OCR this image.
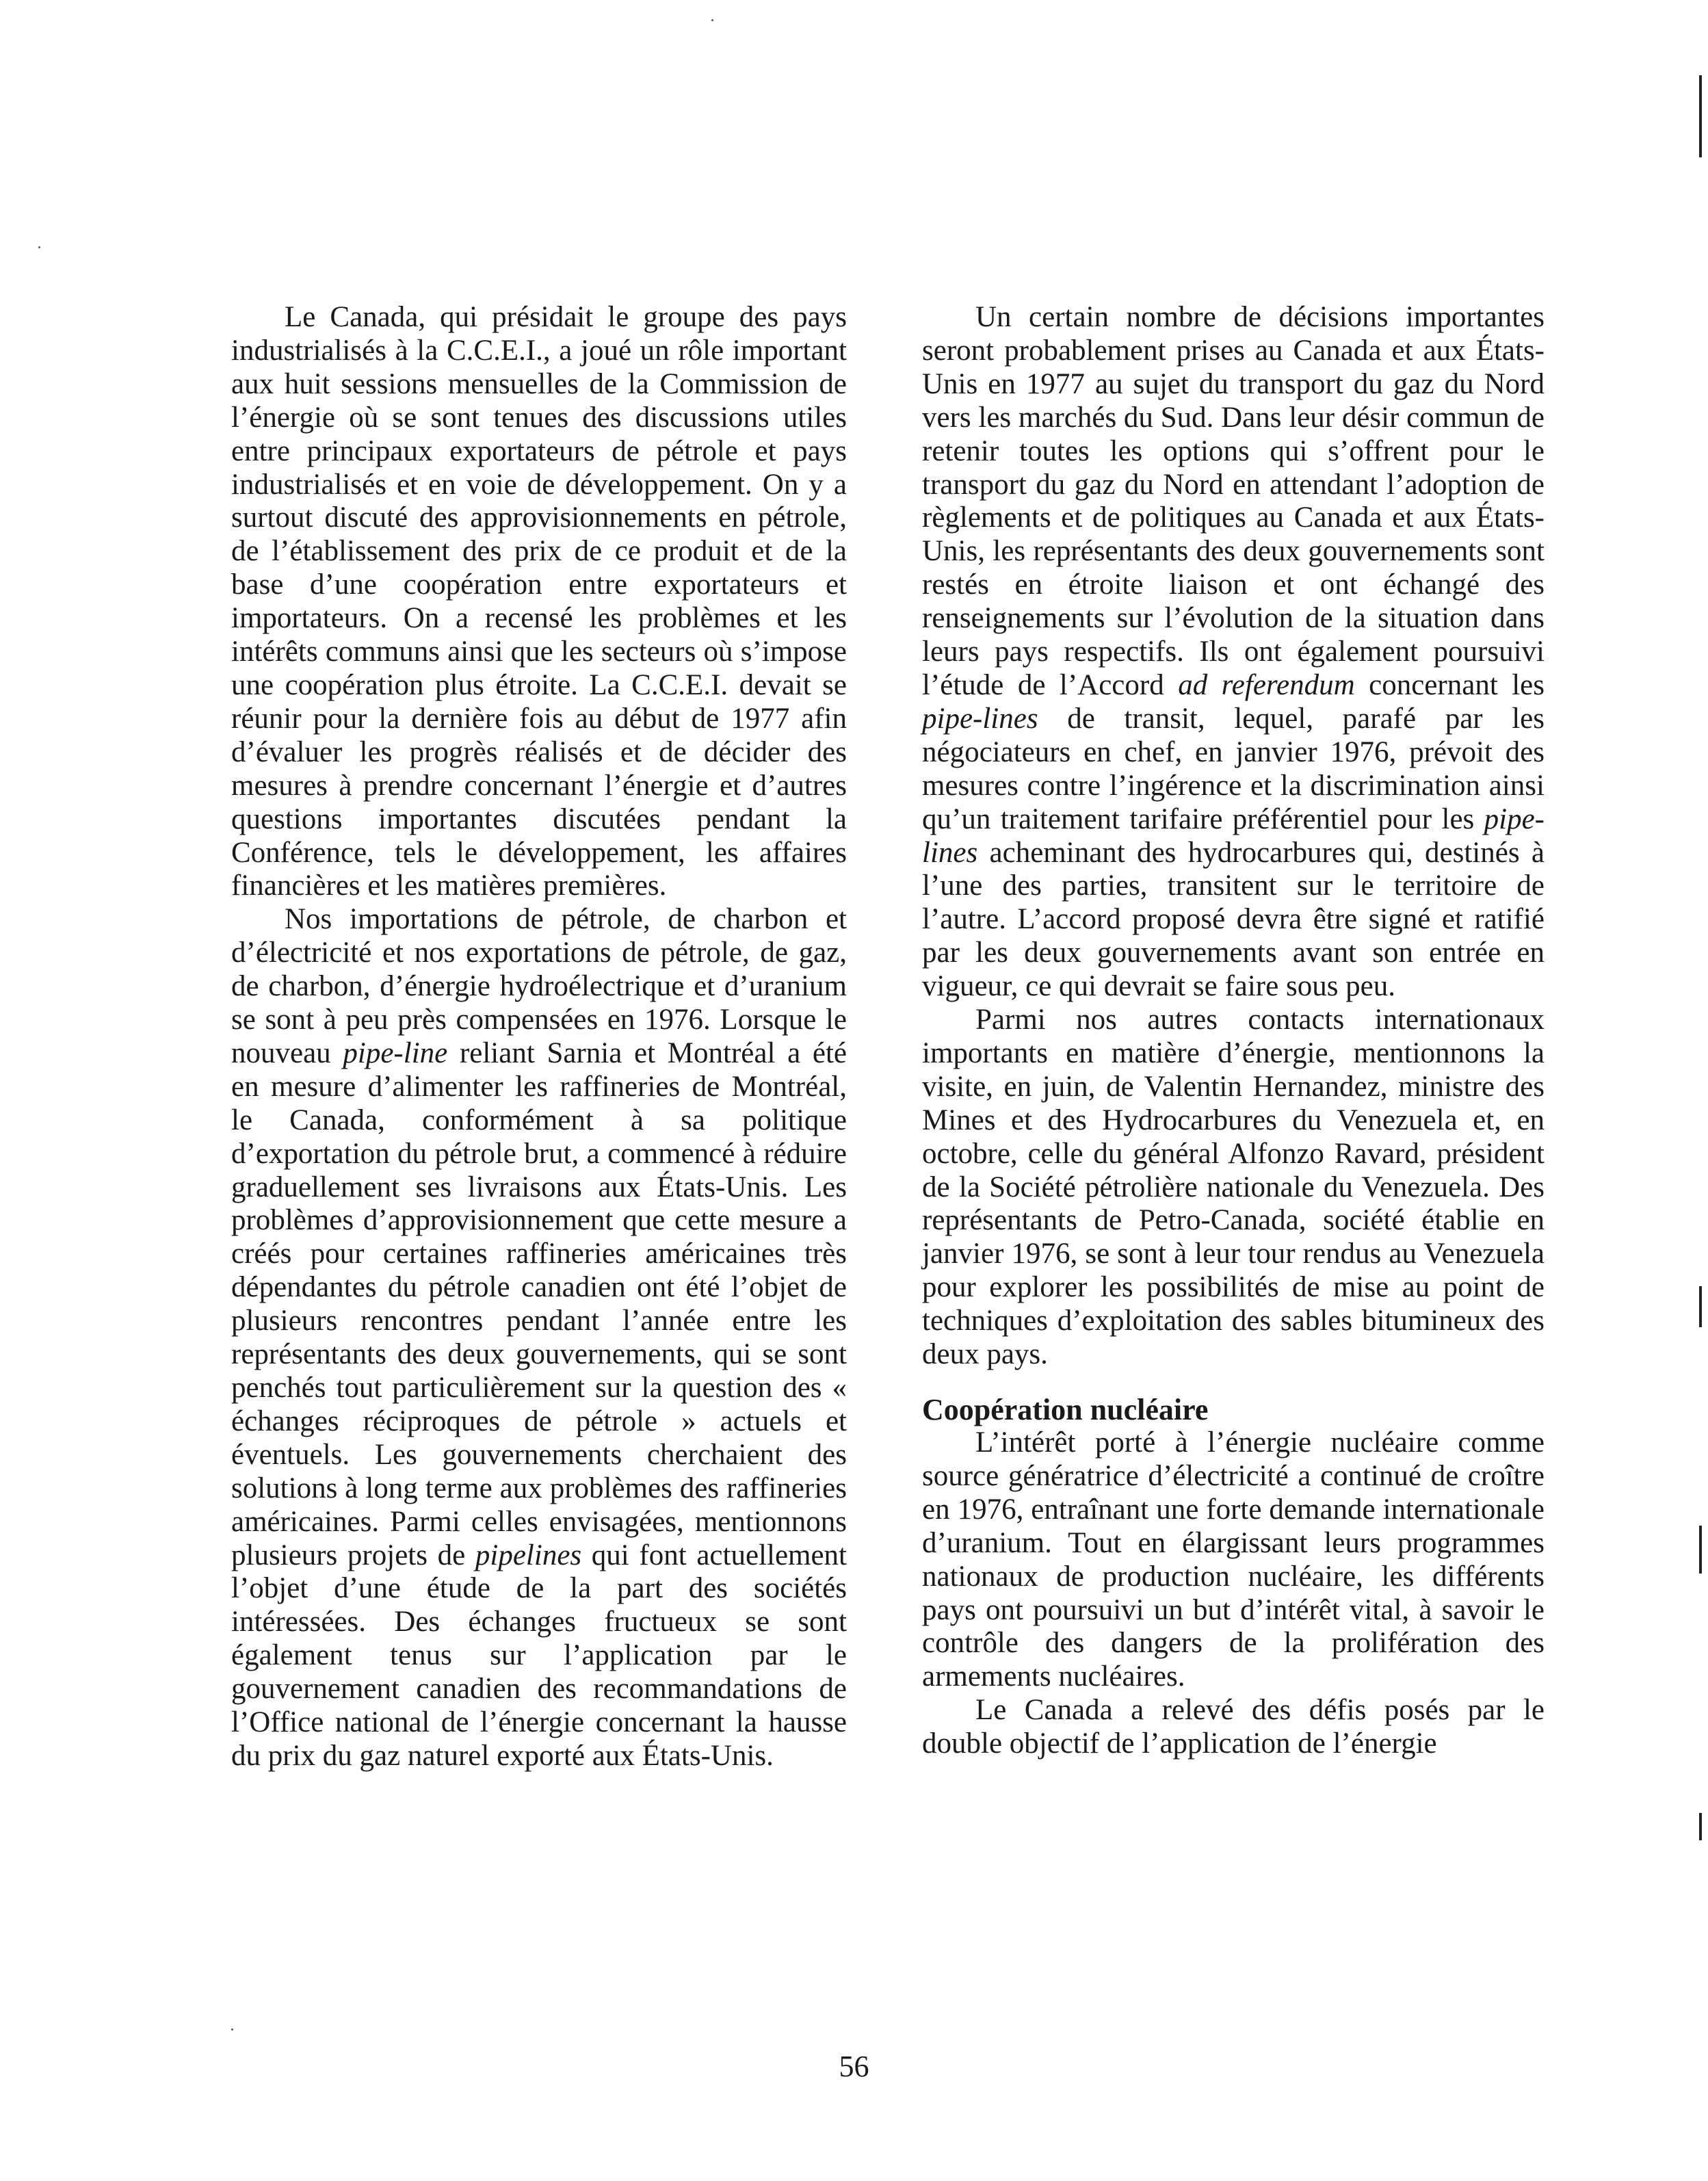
Le Canada, qui présidait le groupe des pays industrialisés à la C.C.E.I., a joué un rôle important aux huit sessions mensuelles de la Commission de l’énergie où se sont tenues des discussions utiles entre principaux exportateurs de pétrole et pays industrialisés et en voie de développement. On y a surtout discuté des approvisionnements en pétrole, de l’établissement des prix de ce produit et de la base d’une coopération entre exportateurs et importateurs. On a recensé les problèmes et les intérêts communs ainsi que les secteurs où s’impose une coopération plus étroite. La C.C.E.I. devait se réunir pour la dernière fois au début de 1977 afin d’évaluer les progrès réalisés et de décider des mesures à prendre concernant l’énergie et d’autres questions importantes discutées pendant la Conférence, tels le développement, les affaires financières et les matières premières.

Nos importations de pétrole, de charbon et d’électricité et nos exportations de pétrole, de gaz, de charbon, d’énergie hydroélectrique et d’uranium se sont à peu près compensées en 1976. Lorsque le nouveau pipe-line reliant Sarnia et Montréal a été en mesure d’alimenter les raffineries de Montréal, le Canada, conformément à sa politique d’exportation du pétrole brut, a commencé à réduire graduellement ses livraisons aux États-Unis. Les problèmes d’approvisionnement que cette mesure a créés pour certaines raffineries américaines très dépendantes du pétrole canadien ont été l’objet de plusieurs rencontres pendant l’année entre les représentants des deux gouvernements, qui se sont penchés tout particulièrement sur la question des « échanges réciproques de pétrole » actuels et éventuels. Les gouvernements cherchaient des solutions à long terme aux problèmes des raffineries américaines. Parmi celles envisagées, mentionnons plusieurs projets de pipelines qui font actuellement l’objet d’une étude de la part des sociétés intéressées. Des échanges fructueux se sont également tenus sur l’application par le gouvernement canadien des recommandations de l’Office national de l’énergie concernant la hausse du prix du gaz naturel exporté aux États-Unis.

Un certain nombre de décisions importantes seront probablement prises au Canada et aux États-Unis en 1977 au sujet du transport du gaz du Nord vers les marchés du Sud. Dans leur désir commun de retenir toutes les options qui s’offrent pour le transport du gaz du Nord en attendant l’adoption de règlements et de politiques au Canada et aux États-Unis, les représentants des deux gouvernements sont restés en étroite liaison et ont échangé des renseignements sur l’évolution de la situation dans leurs pays respectifs. Ils ont également poursuivi l’étude de l’Accord ad referendum concernant les pipe-lines de transit, lequel, parafé par les négociateurs en chef, en janvier 1976, prévoit des mesures contre l’ingérence et la discrimination ainsi qu’un traitement tarifaire préférentiel pour les pipe-lines acheminant des hydrocarbures qui, destinés à l’une des parties, transitent sur le territoire de l’autre. L’accord proposé devra être signé et ratifié par les deux gouvernements avant son entrée en vigueur, ce qui devrait se faire sous peu.

Parmi nos autres contacts internationaux importants en matière d’énergie, mentionnons la visite, en juin, de Valentin Hernandez, ministre des Mines et des Hydrocarbures du Venezuela et, en octobre, celle du général Alfonzo Ravard, président de la Société pétrolière nationale du Venezuela. Des représentants de Petro-Canada, société établie en janvier 1976, se sont à leur tour rendus au Venezuela pour explorer les possibilités de mise au point de techniques d’exploitation des sables bitumineux des deux pays.

Coopération nucléaire

L’intérêt porté à l’énergie nucléaire comme source génératrice d’électricité a continué de croître en 1976, entraînant une forte demande internationale d’uranium. Tout en élargissant leurs programmes nationaux de production nucléaire, les différents pays ont poursuivi un but d’intérêt vital, à savoir le contrôle des dangers de la prolifération des armements nucléaires.

Le Canada a relevé des défis posés par le double objectif de l’application de l’énergie

56
